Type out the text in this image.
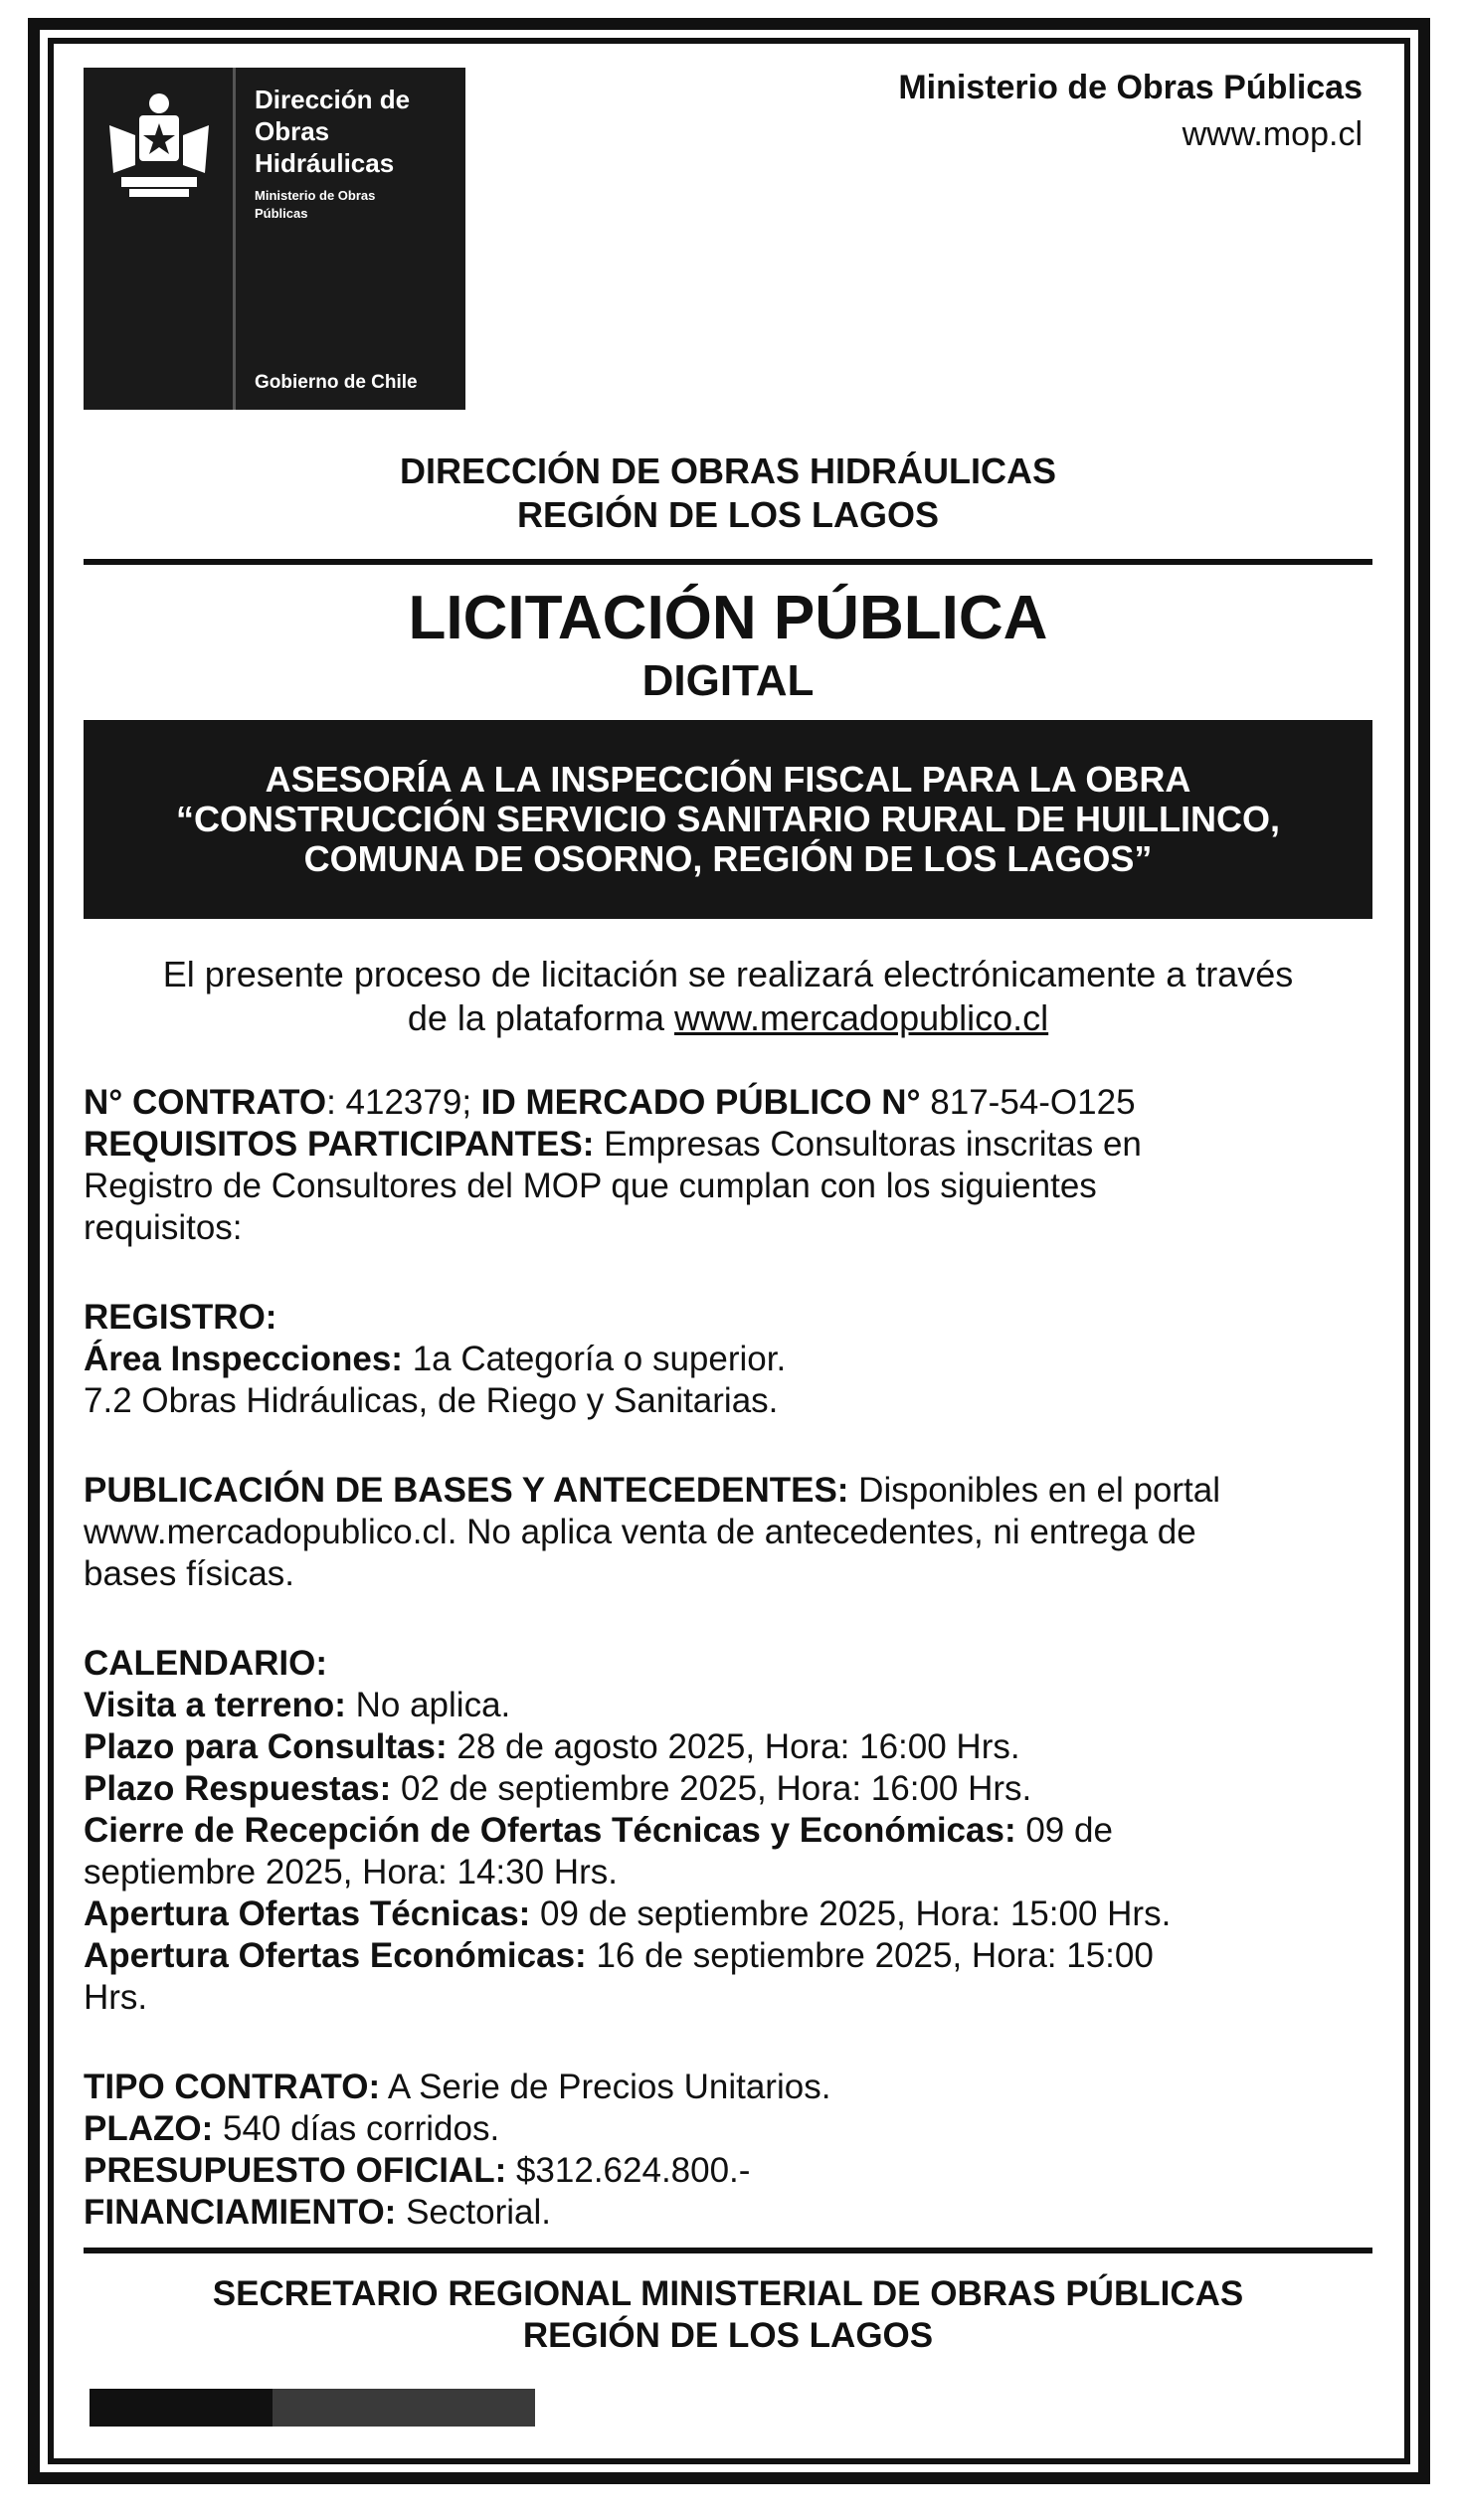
Dirección de
Obras
Hidráulicas
Ministerio de Obras
Públicas
Gobierno de Chile
Ministerio de Obras Públicas
www.mop.cl
DIRECCIÓN DE OBRAS HIDRÁULICAS
REGIÓN DE LOS LAGOS
LICITACIÓN PÚBLICA
DIGITAL
ASESORÍA A LA INSPECCIÓN FISCAL PARA LA OBRA
“CONSTRUCCIÓN SERVICIO SANITARIO RURAL DE HUILLINCO,
COMUNA DE OSORNO, REGIÓN DE LOS LAGOS”
El presente proceso de licitación se realizará electrónicamente a través
de la plataforma www.mercadopublico.cl

N° CONTRATO: 412379; ID MERCADO PÚBLICO N° 817-54-O125

REQUISITOS PARTICIPANTES: Empresas Consultoras inscritas en

Registro de Consultores del MOP que cumplan con los siguientes

requisitos:

REGISTRO:

Área Inspecciones: 1a Categoría o superior.

7.2 Obras Hidráulicas, de Riego y Sanitarias.

PUBLICACIÓN DE BASES Y ANTECEDENTES: Disponibles en el portal

www.mercadopublico.cl. No aplica venta de antecedentes, ni entrega de

bases físicas.

CALENDARIO:

Visita a terreno: No aplica.

Plazo para Consultas: 28 de agosto 2025, Hora: 16:00 Hrs.

Plazo Respuestas: 02 de septiembre 2025, Hora: 16:00 Hrs.

Cierre de Recepción de Ofertas Técnicas y Económicas: 09 de

septiembre 2025, Hora: 14:30 Hrs.

Apertura Ofertas Técnicas: 09 de septiembre 2025, Hora: 15:00 Hrs.

Apertura Ofertas Económicas: 16 de septiembre 2025, Hora: 15:00

Hrs.

TIPO CONTRATO: A Serie de Precios Unitarios.

PLAZO: 540 días corridos.

PRESUPUESTO OFICIAL: $312.624.800.-

FINANCIAMIENTO: Sectorial.

SECRETARIO REGIONAL MINISTERIAL DE OBRAS PÚBLICAS
REGIÓN DE LOS LAGOS
